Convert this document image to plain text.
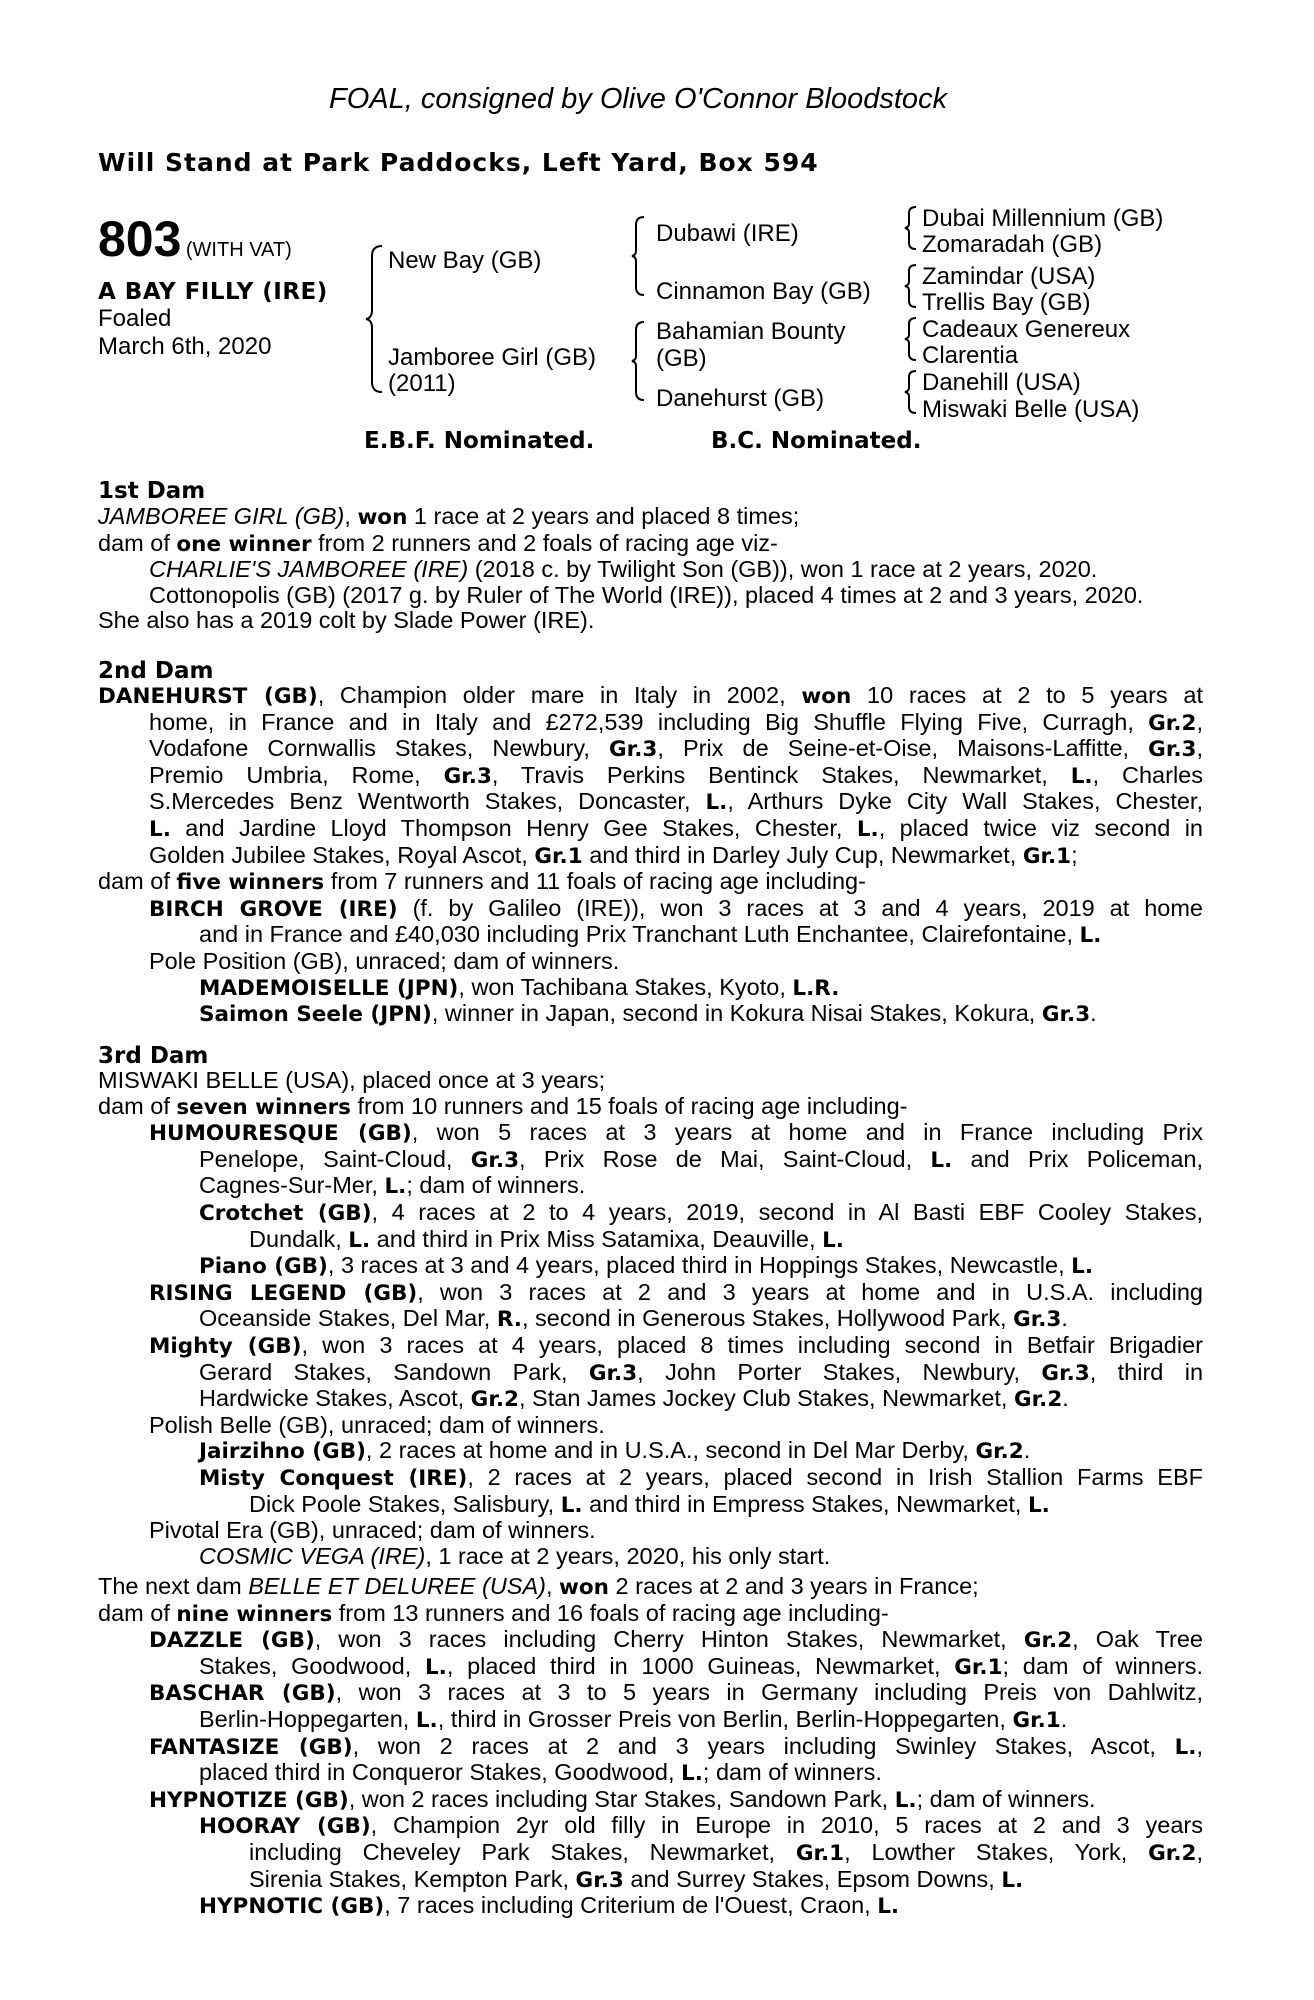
FOAL, consigned by Olive O'Connor Bloodstock
Will Stand at Park Paddocks, Left Yard, Box 594
803 (WITH VAT)
A BAY FILLY (IRE)
Foaled
March 6th, 2020
New Bay (GB)
Jamboree Girl (GB)
(2011)
Dubawi (IRE)
Cinnamon Bay (GB)
Bahamian Bounty
(GB)
Danehurst (GB)
Dubai Millennium (GB)
Zomaradah (GB)
Zamindar (USA)
Trellis Bay (GB)
Cadeaux Genereux
Clarentia
Danehill (USA)
Miswaki Belle (USA)
E.B.F. Nominated.	B.C. Nominated.
1st Dam
JAMBOREE GIRL (GB), won 1 race at 2 years and placed 8 times;
dam of one winner from 2 runners and 2 foals of racing age viz-
CHARLIE'S JAMBOREE (IRE) (2018 c. by Twilight Son (GB)), won 1 race at 2 years, 2020.
Cottonopolis (GB) (2017 g. by Ruler of The World (IRE)), placed 4 times at 2 and 3 years, 2020.
She also has a 2019 colt by Slade Power (IRE).
2nd Dam
DANEHURST (GB), Champion older mare in Italy in 2002, won 10 races at 2 to 5 years at
home, in France and in Italy and £272,539 including Big Shuffle Flying Five, Curragh, Gr.2,
Vodafone Cornwallis Stakes, Newbury, Gr.3, Prix de Seine-et-Oise, Maisons-Laffitte, Gr.3,
Premio Umbria, Rome, Gr.3, Travis Perkins Bentinck Stakes, Newmarket, L., Charles
S.Mercedes Benz Wentworth Stakes, Doncaster, L., Arthurs Dyke City Wall Stakes, Chester,
L. and Jardine Lloyd Thompson Henry Gee Stakes, Chester, L., placed twice viz second in
Golden Jubilee Stakes, Royal Ascot, Gr.1 and third in Darley July Cup, Newmarket, Gr.1;
dam of five winners from 7 runners and 11 foals of racing age including-
BIRCH GROVE (IRE) (f. by Galileo (IRE)), won 3 races at 3 and 4 years, 2019 at home
and in France and £40,030 including Prix Tranchant Luth Enchantee, Clairefontaine, L.
Pole Position (GB), unraced; dam of winners.
MADEMOISELLE (JPN), won Tachibana Stakes, Kyoto, L.R.
Saimon Seele (JPN), winner in Japan, second in Kokura Nisai Stakes, Kokura, Gr.3.
3rd Dam
MISWAKI BELLE (USA), placed once at 3 years;
dam of seven winners from 10 runners and 15 foals of racing age including-
HUMOURESQUE (GB), won 5 races at 3 years at home and in France including Prix
Penelope, Saint-Cloud, Gr.3, Prix Rose de Mai, Saint-Cloud, L. and Prix Policeman,
Cagnes-Sur-Mer, L.; dam of winners.
Crotchet (GB), 4 races at 2 to 4 years, 2019, second in Al Basti EBF Cooley Stakes,
Dundalk, L. and third in Prix Miss Satamixa, Deauville, L.
Piano (GB), 3 races at 3 and 4 years, placed third in Hoppings Stakes, Newcastle, L.
RISING LEGEND (GB), won 3 races at 2 and 3 years at home and in U.S.A. including
Oceanside Stakes, Del Mar, R., second in Generous Stakes, Hollywood Park, Gr.3.
Mighty (GB), won 3 races at 4 years, placed 8 times including second in Betfair Brigadier
Gerard Stakes, Sandown Park, Gr.3, John Porter Stakes, Newbury, Gr.3, third in
Hardwicke Stakes, Ascot, Gr.2, Stan James Jockey Club Stakes, Newmarket, Gr.2.
Polish Belle (GB), unraced; dam of winners.
Jairzihno (GB), 2 races at home and in U.S.A., second in Del Mar Derby, Gr.2.
Misty Conquest (IRE), 2 races at 2 years, placed second in Irish Stallion Farms EBF
Dick Poole Stakes, Salisbury, L. and third in Empress Stakes, Newmarket, L.
Pivotal Era (GB), unraced; dam of winners.
COSMIC VEGA (IRE), 1 race at 2 years, 2020, his only start.
The next dam BELLE ET DELUREE (USA), won 2 races at 2 and 3 years in France;
dam of nine winners from 13 runners and 16 foals of racing age including-
DAZZLE (GB), won 3 races including Cherry Hinton Stakes, Newmarket, Gr.2, Oak Tree
Stakes, Goodwood, L., placed third in 1000 Guineas, Newmarket, Gr.1; dam of winners.
BASCHAR (GB), won 3 races at 3 to 5 years in Germany including Preis von Dahlwitz,
Berlin-Hoppegarten, L., third in Grosser Preis von Berlin, Berlin-Hoppegarten, Gr.1.
FANTASIZE (GB), won 2 races at 2 and 3 years including Swinley Stakes, Ascot, L.,
placed third in Conqueror Stakes, Goodwood, L.; dam of winners.
HYPNOTIZE (GB), won 2 races including Star Stakes, Sandown Park, L.; dam of winners.
HOORAY (GB), Champion 2yr old filly in Europe in 2010, 5 races at 2 and 3 years
including Cheveley Park Stakes, Newmarket, Gr.1, Lowther Stakes, York, Gr.2,
Sirenia Stakes, Kempton Park, Gr.3 and Surrey Stakes, Epsom Downs, L.
HYPNOTIC (GB), 7 races including Criterium de l'Ouest, Craon, L.
